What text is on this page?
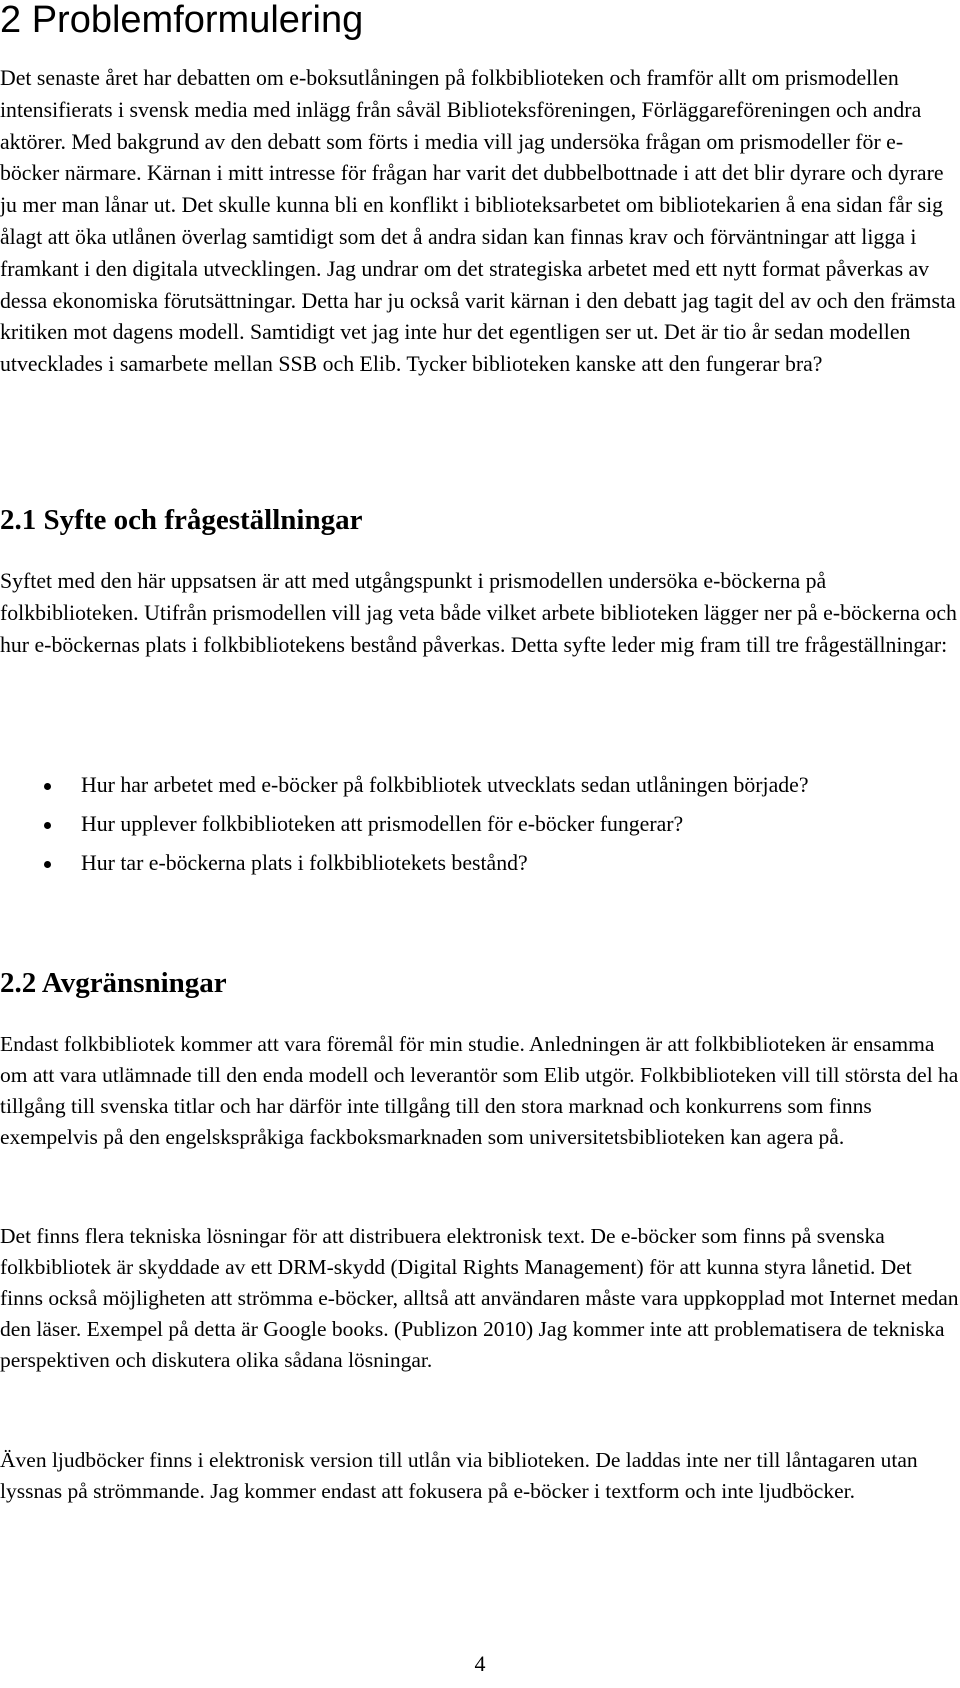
2 Problemformulering

Det senaste året har debatten om e-boksutlåningen på folkbiblioteken och framför allt om prismodellen intensifierats i svensk media med inlägg från såväl Biblioteksföreningen, Förläggareföreningen och andra aktörer. Med bakgrund av den debatt som förts i media vill jag undersöka frågan om prismodeller för e-böcker närmare. Kärnan i mitt intresse för frågan har varit det dubbelbottnade i att det blir dyrare och dyrare ju mer man lånar ut. Det skulle kunna bli en konflikt i biblioteksarbetet om bibliotekarien å ena sidan får sig ålagt att öka utlånen överlag samtidigt som det å andra sidan kan finnas krav och förväntningar att ligga i framkant i den digitala utvecklingen. Jag undrar om det strategiska arbetet med ett nytt format påverkas av dessa ekonomiska förutsättningar. Detta har ju också varit kärnan i den debatt jag tagit del av och den främsta kritiken mot dagens modell. Samtidigt vet jag inte hur det egentligen ser ut. Det är tio år sedan modellen utvecklades i samarbete mellan SSB och Elib. Tycker biblioteken kanske att den fungerar bra?

2.1 Syfte och frågeställningar

Syftet med den här uppsatsen är att med utgångspunkt i prismodellen undersöka e-böckerna på folkbiblioteken. Utifrån prismodellen vill jag veta både vilket arbete biblioteken lägger ner på e-böckerna och hur e-böckernas plats i folkbibliotekens bestånd påverkas. Detta syfte leder mig fram till tre frågeställningar:

Hur har arbetet med e-böcker på folkbibliotek utvecklats sedan utlåningen började?
Hur upplever folkbiblioteken att prismodellen för e-böcker fungerar?
Hur tar e-böckerna plats i folkbibliotekets bestånd?
2.2 Avgränsningar

Endast folkbibliotek kommer att vara föremål för min studie. Anledningen är att folkbiblioteken är ensamma om att vara utlämnade till den enda modell och leverantör som Elib utgör. Folkbiblioteken vill till största del ha tillgång till svenska titlar och har därför inte tillgång till den stora marknad och konkurrens som finns exempelvis på den engelskspråkiga fackboksmarknaden som universitetsbiblioteken kan agera på.

Det finns flera tekniska lösningar för att distribuera elektronisk text. De e-böcker som finns på svenska folkbibliotek är skyddade av ett DRM-skydd (Digital Rights Management) för att kunna styra lånetid. Det finns också möjligheten att strömma e-böcker, alltså att användaren måste vara uppkopplad mot Internet medan den läser. Exempel på detta är Google books. (Publizon 2010) Jag kommer inte att problematisera de tekniska perspektiven och diskutera olika sådana lösningar.

Även ljudböcker finns i elektronisk version till utlån via biblioteken. De laddas inte ner till låntagaren utan lyssnas på strömmande. Jag kommer endast att fokusera på e-böcker i textform och inte ljudböcker.

4
